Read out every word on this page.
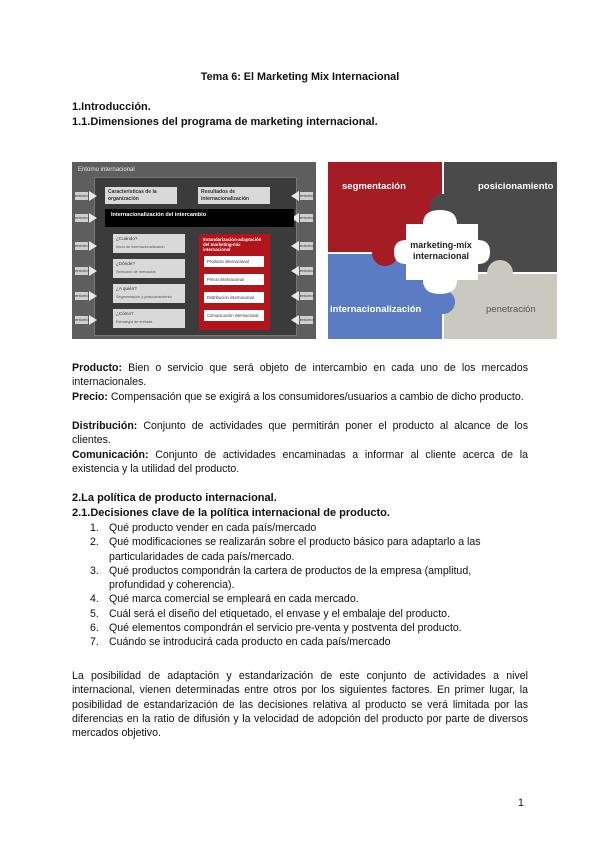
Tema 6: El Marketing Mix Internacional
1.Introducción.
1.1.Dimensiones del programa de marketing internacional.
Entorno internacional
entorno
entorno
entorno
entorno
entorno
entorno
entorno
entorno
entorno
entorno
entorno
entorno
Características de la organización
Resultados de internacionalización
Internacionalización del intercambio
¿Cuándo?
Inicio de internacionalización
¿Dónde?
Selección de mercados
¿A quién?
Segmentación y posicionamiento
¿Cómo?
Estrategia de entrada
Estandarización-adaptación del marketing-mix internacional
Producto internacional
Precio internacional
Distribución internacional
Comunicación internacional
segmentación	posicionamiento
internacionalización	penetración
marketing-mix
internacional
Producto: Bien o servicio que será objeto de intercambio en cada uno de los mercados internacionales.
Precio: Compensación que se exigirá a los consumidores/usuarios a cambio de dicho producto.
Distribución: Conjunto de actividades que permitirán poner el producto al alcance de los clientes.
Comunicación: Conjunto de actividades encaminadas a informar al cliente acerca de la existencia y la utilidad del producto.
2.La política de producto internacional.
2.1.Decisiones clave de la política internacional de producto.
1. Qué producto vender en cada país/mercado
2. Qué modificaciones se realizarán sobre el producto básico para adaptarlo a las particularidades de cada país/mercado.
3. Qué productos compondrán la cartera de productos de la empresa (amplitud, profundidad y coherencia).
4. Qué marca comercial se empleará en cada mercado.
5. Cuál será el diseño del etiquetado, el envase y el embalaje del producto.
6. Qué elementos compondrán el servicio pre-venta y postventa del producto.
7. Cuándo se introducirá cada producto en cada país/mercado
La posibilidad de adaptación y estandarización de este conjunto de actividades a nivel internacional, vienen determinadas entre otros por los siguientes factores. En primer lugar, la posibilidad de estandarización de las decisiones relativa al producto se verá limitada por las diferencias en la ratio de difusión y la velocidad de adopción del producto por parte de diversos mercados objetivo.
1
